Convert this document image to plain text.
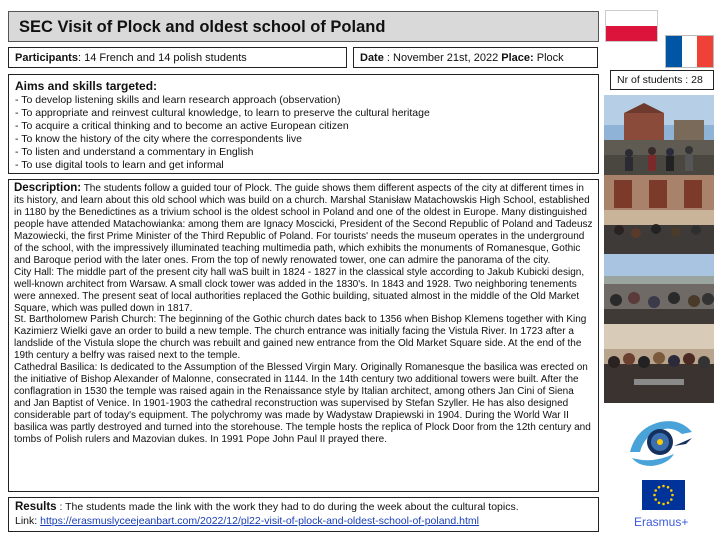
SEC Visit of Plock and oldest school of Poland
Participants: 14 French and 14 polish students	Date : November 21st, 2022 Place: Plock
Aims and skills targeted:
- To develop listening skills and learn research approach (observation)
- To appropriate and reinvest cultural knowledge, to learn to preserve the cultural heritage
- To acquire a critical thinking and to become an active European citizen
- To know the history of the city where the correspondents live
- To listen and understand a commentary in English
- To use digital tools to learn and get informal

Description: The students follow a guided tour of Plock. The guide shows them different aspects of the city at different times in its history, and learn about this old school which was build on a church. Marshal Stanisław Matachowskis High School, established in 1180 by the Benedictines as a trivium school is the oldest school in Poland and one of the oldest in Europe. Many distinguished people have attended Matachowianka: among them are Ignacy Moscicki, President of the Second Republic of Poland and Tadeusz Mazowiecki, the first Prime Minister of the Third Republic of Poland. For tourists' needs the museum operates in the underground of the school, with the impressively illuminated teaching multimedia path, which exhibits the monuments of Romanesque, Gothic and Baroque period with the later ones. From the top of newly renowated tower, one can admire the panorama of the city.

City Hall: The middle part of the present city hall waS built in 1824 - 1827 in the classical style according to Jakub Kubicki design, well-known architect from Warsaw. A small clock tower was added in the 1830's. In 1843 and 1928. Two neighboring tenements were annexed. The present seat of local authorities replaced the Gothic building, situated almost in the middle of the Old Market Square, which was pulled down in 1817.

St. Bartholomew Parish Church: The beginning of the Gothic church dates back to 1356 when Bishop Klemens together with King Kazimierz Wielki gave an order to build a new temple. The church entrance was initially facing the Vistula River. In 1723 after a landslide of the Vistula slope the church was rebuilt and gained new entrance from the Old Market Square side. At the end of the 19th century a belfry was raised next to the temple.

Cathedral Basilica: Is dedicated to the Assumption of the Blessed Virgin Mary. Originally Romanesque the basilica was erected on the initiative of Bishop Alexander of Malonne, consecrated in 1144. In the 14th century two additional towers were built. After the conflagration in 1530 the temple was raised again in the Renaissance style by Italian architect, among others Jan Cini of Siena and Jan Baptist of Venice. In 1901-1903 the cathedral reconstruction was supervised by Stefan Szyller. He has also designed considerable part of today's equipment. The polychromy was made by Wadystaw Drapiewski in 1904. During the World War II basilica was partly destroyed and turned into the storehouse. The temple hosts the replica of Plock Door from the 12th century and tombs of Polish rulers and Mazovian dukes. In 1991 Pope John Paul II prayed there.

Results : The students made the link with the work they had to do during the week about the cultural topics.
Link: https://erasmuslyceejeanbart.com/2022/12/pl22-visit-of-plock-and-oldest-school-of-poland.html
Nr of students : 28
Erasmus+
